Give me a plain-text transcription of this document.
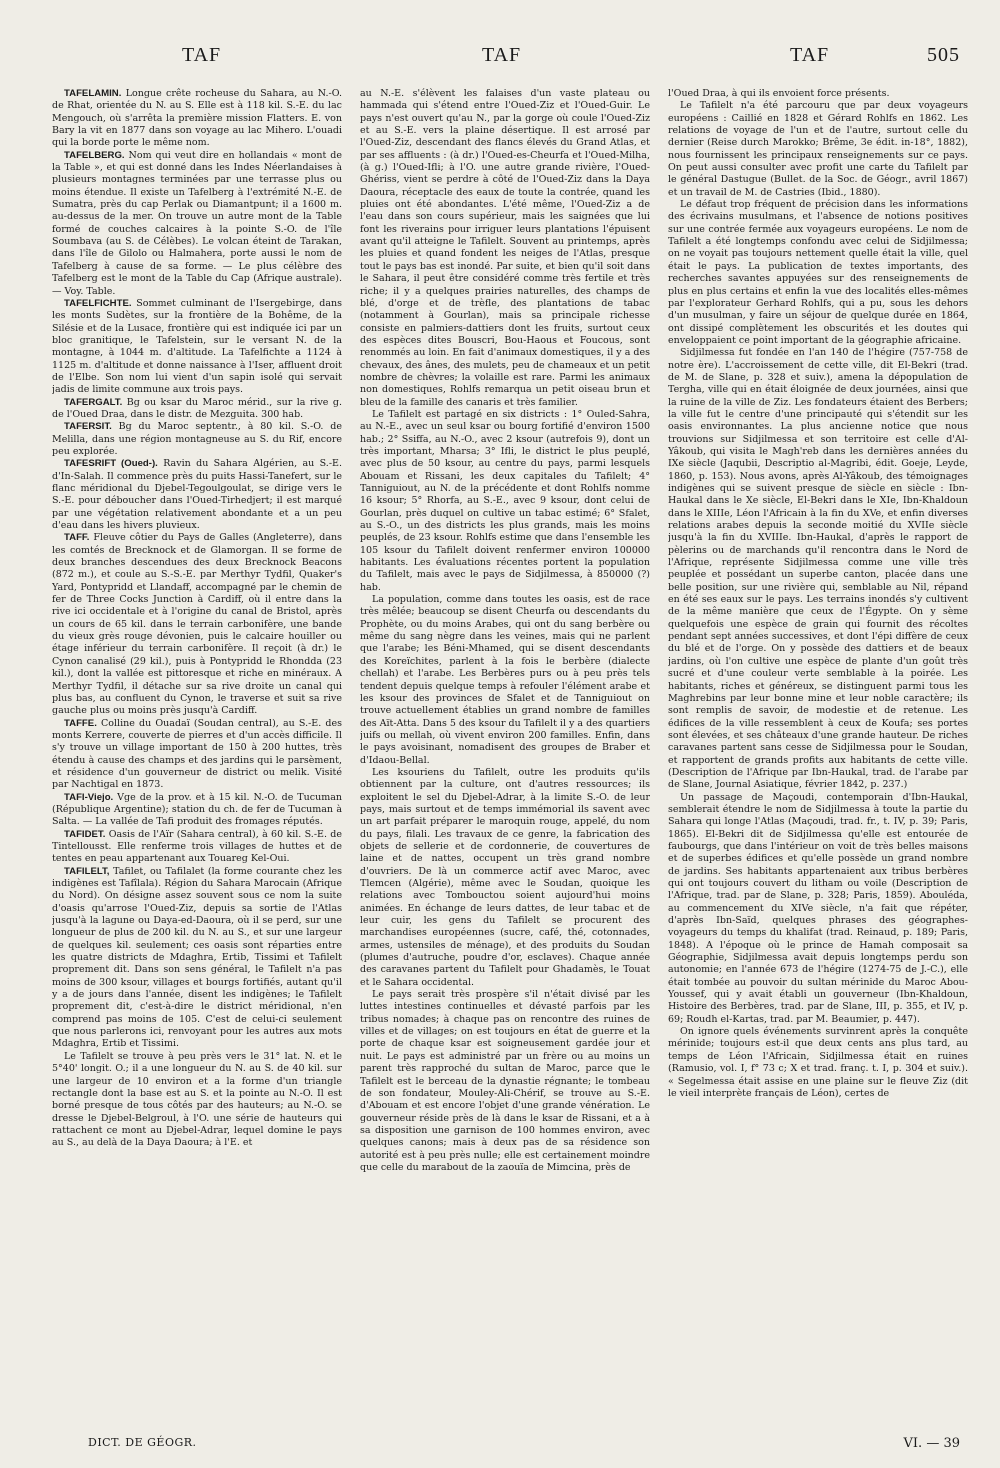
TAF	TAF	TAF	505

TAFELAMIN. Longue crête rocheuse du Sahara, au N.-O. de Rhat, orientée du N. au S. Elle est à 118 kil. S.-E. du lac Mengouch, où s'arrêta la première mission Flatters. E. von Bary la vit en 1877 dans son voyage au lac Mihero. L'ouadi qui la borde porte le même nom.

TAFELBERG. Nom qui veut dire en hollandais « mont de la Table », et qui est donné dans les Indes Néerlandaises à plusieurs montagnes terminées par une terrasse plus ou moins étendue. Il existe un Tafelberg à l'extrémité N.-E. de Sumatra, près du cap Perlak ou Diamantpunt; il a 1600 m. au-dessus de la mer. On trouve un autre mont de la Table formé de couches calcaires à la pointe S.-O. de l'île Soumbava (au S. de Célèbes). Le volcan éteint de Tarakan, dans l'île de Gilolo ou Halmahera, porte aussi le nom de Tafelberg à cause de sa forme. — Le plus célèbre des Tafelberg est le mont de la Table du Cap (Afrique australe). — Voy. Table.

TAFELFICHTE. Sommet culminant de l'Isergebirge, dans les monts Sudètes, sur la frontière de la Bohême, de la Silésie et de la Lusace, frontière qui est indiquée ici par un bloc granitique, le Tafelstein, sur le versant N. de la montagne, à 1044 m. d'altitude. La Tafelfichte a 1124 à 1125 m. d'altitude et donne naissance à l'Iser, affluent droit de l'Elbe. Son nom lui vient d'un sapin isolé qui servait jadis de limite commune aux trois pays.

TAFERGALT. Bg ou ksar du Maroc mérid., sur la rive g. de l'Oued Draa, dans le distr. de Mezguita. 300 hab.

TAFERSIT. Bg du Maroc septentr., à 80 kil. S.-O. de Melilla, dans une région montagneuse au S. du Rif, encore peu explorée.

TAFESRIFT (Oued-). Ravin du Sahara Algérien, au S.-E. d'In-Salah. Il commence près du puits Hassi-Tanefert, sur le flanc méridional du Djebel-Tegoulgoulat, se dirige vers le S.-E. pour déboucher dans l'Oued-Tirhedjert; il est marqué par une végétation relativement abondante et a un peu d'eau dans les hivers pluvieux.

TAFF. Fleuve côtier du Pays de Galles (Angleterre), dans les comtés de Brecknock et de Glamorgan. Il se forme de deux branches descendues des deux Brecknock Beacons (872 m.), et coule au S.-S.-E. par Merthyr Tydfil, Quaker's Yard, Pontypridd et Llandaff, accompagné par le chemin de fer de Three Cocks Junction à Cardiff, où il entre dans la rive ici occidentale et à l'origine du canal de Bristol, après un cours de 65 kil. dans le terrain carbonifère, une bande du vieux grès rouge dévonien, puis le calcaire houiller ou étage inférieur du terrain carbonifère. Il reçoit (à dr.) le Cynon canalisé (29 kil.), puis à Pontypridd le Rhondda (23 kil.), dont la vallée est pittoresque et riche en minéraux. A Merthyr Tydfil, il détache sur sa rive droite un canal qui plus bas, au confluent du Cynon, le traverse et suit sa rive gauche plus ou moins près jusqu'à Cardiff.

TAFFE. Colline du Ouadaï (Soudan central), au S.-E. des monts Kerrere, couverte de pierres et d'un accès difficile. Il s'y trouve un village important de 150 à 200 huttes, très étendu à cause des champs et des jardins qui le parsèment, et résidence d'un gouverneur de district ou melik. Visité par Nachtigal en 1873.

TAFI-Viejo. Vge de la prov. et à 15 kil. N.-O. de Tucuman (République Argentine); station du ch. de fer de Tucuman à Salta. — La vallée de Tafi produit des fromages réputés.

TAFIDET. Oasis de l'Aïr (Sahara central), à 60 kil. S.-E. de Tintellousst. Elle renferme trois villages de huttes et de tentes en peau appartenant aux Touareg Kel-Oui.

TAFILELT, Tafilet, ou Tafilalet (la forme courante chez les indigènes est Tafîlala). Région du Sahara Marocain (Afrique du Nord). On désigne assez souvent sous ce nom la suite d'oasis qu'arrose l'Oued-Ziz, depuis sa sortie de l'Atlas jusqu'à la lagune ou Daya-ed-Daoura, où il se perd, sur une longueur de plus de 200 kil. du N. au S., et sur une largeur de quelques kil. seulement; ces oasis sont réparties entre les quatre districts de Mdaghra, Ertib, Tissimi et Tafilelt proprement dit. Dans son sens général, le Tafilelt n'a pas moins de 300 ksour, villages et bourgs fortifiés, autant qu'il y a de jours dans l'année, disent les indigènes; le Tafilelt proprement dit, c'est-à-dire le district méridional, n'en comprend pas moins de 105. C'est de celui-ci seulement que nous parlerons ici, renvoyant pour les autres aux mots Mdaghra, Ertib et Tissimi.

Le Tafilelt se trouve à peu près vers le 31° lat. N. et le 5°40' longit. O.; il a une longueur du N. au S. de 40 kil. sur une largeur de 10 environ et a la forme d'un triangle rectangle dont la base est au S. et la pointe au N.-O. Il est borné presque de tous côtés par des hauteurs; au N.-O. se dresse le Djebel-Belgroul, à l'O. une série de hauteurs qui rattachent ce mont au Djebel-Adrar, lequel domine le pays au S., au delà de la Daya Daoura; à l'E. et

au N.-E. s'élèvent les falaises d'un vaste plateau ou hammada qui s'étend entre l'Oued-Ziz et l'Oued-Guir. Le pays n'est ouvert qu'au N., par la gorge où coule l'Oued-Ziz et au S.-E. vers la plaine désertique. Il est arrosé par l'Oued-Ziz, descendant des flancs élevés du Grand Atlas, et par ses affluents : (à dr.) l'Oued-es-Cheurfa et l'Oued-Milha, (à g.) l'Oued-Ifli; à l'O. une autre grande rivière, l'Oued-Ghériss, vient se perdre à côté de l'Oued-Ziz dans la Daya Daoura, réceptacle des eaux de toute la contrée, quand les pluies ont été abondantes. L'été même, l'Oued-Ziz a de l'eau dans son cours supérieur, mais les saignées que lui font les riverains pour irriguer leurs plantations l'épuisent avant qu'il atteigne le Tafilelt. Souvent au printemps, après les pluies et quand fondent les neiges de l'Atlas, presque tout le pays bas est inondé. Par suite, et bien qu'il soit dans le Sahara, il peut être considéré comme très fertile et très riche; il y a quelques prairies naturelles, des champs de blé, d'orge et de trèfle, des plantations de tabac (notamment à Gourlan), mais sa principale richesse consiste en palmiers-dattiers dont les fruits, surtout ceux des espèces dites Bouscri, Bou-Haous et Foucous, sont renommés au loin. En fait d'animaux domestiques, il y a des chevaux, des ânes, des mulets, peu de chameaux et un petit nombre de chèvres; la volaille est rare. Parmi les animaux non domestiques, Rohlfs remarqua un petit oiseau brun et bleu de la famille des canaris et très familier.

Le Tafilelt est partagé en six districts : 1° Ouled-Sahra, au N.-E., avec un seul ksar ou bourg fortifié d'environ 1500 hab.; 2° Ssiffa, au N.-O., avec 2 ksour (autrefois 9), dont un très important, Mharsa; 3° Ifli, le district le plus peuplé, avec plus de 50 ksour, au centre du pays, parmi lesquels Abouam et Rissani, les deux capitales du Tafilelt; 4° Tanniguiout, au N. de la précédente et dont Rohlfs nomme 16 ksour; 5° Rhorfa, au S.-E., avec 9 ksour, dont celui de Gourlan, près duquel on cultive un tabac estimé; 6° Sfalet, au S.-O., un des districts les plus grands, mais les moins peuplés, de 23 ksour. Rohlfs estime que dans l'ensemble les 105 ksour du Tafilelt doivent renfermer environ 100000 habitants. Les évaluations récentes portent la population du Tafilelt, mais avec le pays de Sidjilmessa, à 850000 (?) hab.

La population, comme dans toutes les oasis, est de race très mêlée; beaucoup se disent Cheurfa ou descendants du Prophète, ou du moins Arabes, qui ont du sang berbère ou même du sang nègre dans les veines, mais qui ne parlent que l'arabe; les Béni-Mhamed, qui se disent descendants des Koreïchites, parlent à la fois le berbère (dialecte chellah) et l'arabe. Les Berbères purs ou à peu près tels tendent depuis quelque temps à refouler l'élément arabe et les ksour des provinces de Sfalet et de Tanniguiout on trouve actuellement établies un grand nombre de familles des Aït-Atta. Dans 5 des ksour du Tafilelt il y a des quartiers juifs ou mellah, où vivent environ 200 familles. Enfin, dans le pays avoisinant, nomadisent des groupes de Braber et d'Idaou-Bellal.

Les ksouriens du Tafilelt, outre les produits qu'ils obtiennent par la culture, ont d'autres ressources; ils exploitent le sel du Djebel-Adrar, à la limite S.-O. de leur pays, mais surtout et de temps immémorial ils savent avec un art parfait préparer le maroquin rouge, appelé, du nom du pays, filali. Les travaux de ce genre, la fabrication des objets de sellerie et de cordonnerie, de couvertures de laine et de nattes, occupent un très grand nombre d'ouvriers. De là un commerce actif avec Maroc, avec Tlemcen (Algérie), même avec le Soudan, quoique les relations avec Tombouctou soient aujourd'hui moins animées. En échange de leurs dattes, de leur tabac et de leur cuir, les gens du Tafilelt se procurent des marchandises européennes (sucre, café, thé, cotonnades, armes, ustensiles de ménage), et des produits du Soudan (plumes d'autruche, poudre d'or, esclaves). Chaque année des caravanes partent du Tafilelt pour Ghadamès, le Touat et le Sahara occidental.

Le pays serait très prospère s'il n'était divisé par les luttes intestines continuelles et dévasté parfois par les tribus nomades; à chaque pas on rencontre des ruines de villes et de villages; on est toujours en état de guerre et la porte de chaque ksar est soigneusement gardée jour et nuit. Le pays est administré par un frère ou au moins un parent très rapproché du sultan de Maroc, parce que le Tafilelt est le berceau de la dynastie régnante; le tombeau de son fondateur, Mouley-Ali-Chérif, se trouve au S.-E. d'Abouam et est encore l'objet d'une grande vénération. Le gouverneur réside près de là dans le ksar de Rissani, et a à sa disposition une garnison de 100 hommes environ, avec quelques canons; mais à deux pas de sa résidence son autorité est à peu près nulle; elle est certainement moindre que celle du marabout de la zaouïa de Mimcina, près de

l'Oued Draa, à qui ils envoient force présents.

Le Tafilelt n'a été parcouru que par deux voyageurs européens : Caillié en 1828 et Gérard Rohlfs en 1862. Les relations de voyage de l'un et de l'autre, surtout celle du dernier (Reise durch Marokko; Brême, 3e édit. in-18°, 1882), nous fournissent les principaux renseignements sur ce pays. On peut aussi consulter avec profit une carte du Tafilelt par le général Dastugue (Bullet. de la Soc. de Géogr., avril 1867) et un travail de M. de Castries (Ibid., 1880).

Le défaut trop fréquent de précision dans les informations des écrivains musulmans, et l'absence de notions positives sur une contrée fermée aux voyageurs européens. Le nom de Tafilelt a été longtemps confondu avec celui de Sidjilmessa; on ne voyait pas toujours nettement quelle était la ville, quel était le pays. La publication de textes importants, des recherches savantes appuyées sur des renseignements de plus en plus certains et enfin la vue des localités elles-mêmes par l'explorateur Gerhard Rohlfs, qui a pu, sous les dehors d'un musulman, y faire un séjour de quelque durée en 1864, ont dissipé complètement les obscurités et les doutes qui enveloppaient ce point important de la géographie africaine.

Sidjilmessa fut fondée en l'an 140 de l'hégire (757-758 de notre ère). L'accroissement de cette ville, dit El-Bekri (trad. de M. de Slane, p. 328 et suiv.), amena la dépopulation de Tergha, ville qui en était éloignée de deux journées, ainsi que la ruine de la ville de Ziz. Les fondateurs étaient des Berbers; la ville fut le centre d'une principauté qui s'étendit sur les oasis environnantes. La plus ancienne notice que nous trouvions sur Sidjilmessa et son territoire est celle d'Al-Yâkoub, qui visita le Magh'reb dans les dernières années du IXe siècle (Jaqubii, Descriptio al-Magribi, édit. Goeje, Leyde, 1860, p. 153). Nous avons, après Al-Yâkoub, des témoignages indigènes qui se suivent presque de siècle en siècle : Ibn-Haukal dans le Xe siècle, El-Bekri dans le XIe, Ibn-Khaldoun dans le XIIIe, Léon l'Africain à la fin du XVe, et enfin diverses relations arabes depuis la seconde moitié du XVIIe siècle jusqu'à la fin du XVIIIe. Ibn-Haukal, d'après le rapport de pèlerins ou de marchands qu'il rencontra dans le Nord de l'Afrique, représente Sidjilmessa comme une ville très peuplée et possédant un superbe canton, placée dans une belle position, sur une rivière qui, semblable au Nil, répand en été ses eaux sur le pays. Les terrains inondés s'y cultivent de la même manière que ceux de l'Égypte. On y sème quelquefois une espèce de grain qui fournit des récoltes pendant sept années successives, et dont l'épi diffère de ceux du blé et de l'orge. On y possède des dattiers et de beaux jardins, où l'on cultive une espèce de plante d'un goût très sucré et d'une couleur verte semblable à la poirée. Les habitants, riches et généreux, se distinguent parmi tous les Maghrebins par leur bonne mine et leur noble caractère; ils sont remplis de savoir, de modestie et de retenue. Les édifices de la ville ressemblent à ceux de Koufa; ses portes sont élevées, et ses châteaux d'une grande hauteur. De riches caravanes partent sans cesse de Sidjilmessa pour le Soudan, et rapportent de grands profits aux habitants de cette ville. (Description de l'Afrique par Ibn-Haukal, trad. de l'arabe par de Slane, Journal Asiatique, février 1842, p. 237.)

Un passage de Maçoudi, contemporain d'Ibn-Haukal, semblerait étendre le nom de Sidjilmessa à toute la partie du Sahara qui longe l'Atlas (Maçoudi, trad. fr., t. IV, p. 39; Paris, 1865). El-Bekri dit de Sidjilmessa qu'elle est entourée de faubourgs, que dans l'intérieur on voit de très belles maisons et de superbes édifices et qu'elle possède un grand nombre de jardins. Ses habitants appartenaient aux tribus berbères qui ont toujours couvert du litham ou voile (Description de l'Afrique, trad. par de Slane, p. 328; Paris, 1859). Abouléda, au commencement du XIVe siècle, n'a fait que répéter, d'après Ibn-Saïd, quelques phrases des géographes-voyageurs du temps du khalifat (trad. Reinaud, p. 189; Paris, 1848). A l'époque où le prince de Hamah composait sa Géographie, Sidjilmessa avait depuis longtemps perdu son autonomie; en l'année 673 de l'hégire (1274-75 de J.-C.), elle était tombée au pouvoir du sultan mérinide du Maroc Abou-Youssef, qui y avait établi un gouverneur (Ibn-Khaldoun, Histoire des Berbères, trad. par de Slane, III, p. 355, et IV, p. 69; Roudh el-Kartas, trad. par M. Beaumier, p. 447).

On ignore quels événements survinrent après la conquête mérinide; toujours est-il que deux cents ans plus tard, au temps de Léon l'Africain, Sidjilmessa était en ruines (Ramusio, vol. I, f° 73 c; X et trad. franç. t. I, p. 304 et suiv.). « Segelmessa était assise en une plaine sur le fleuve Ziz (dit le vieil interprète français de Léon), certes de

DICT. DE GÉOGR.	VI. — 39
